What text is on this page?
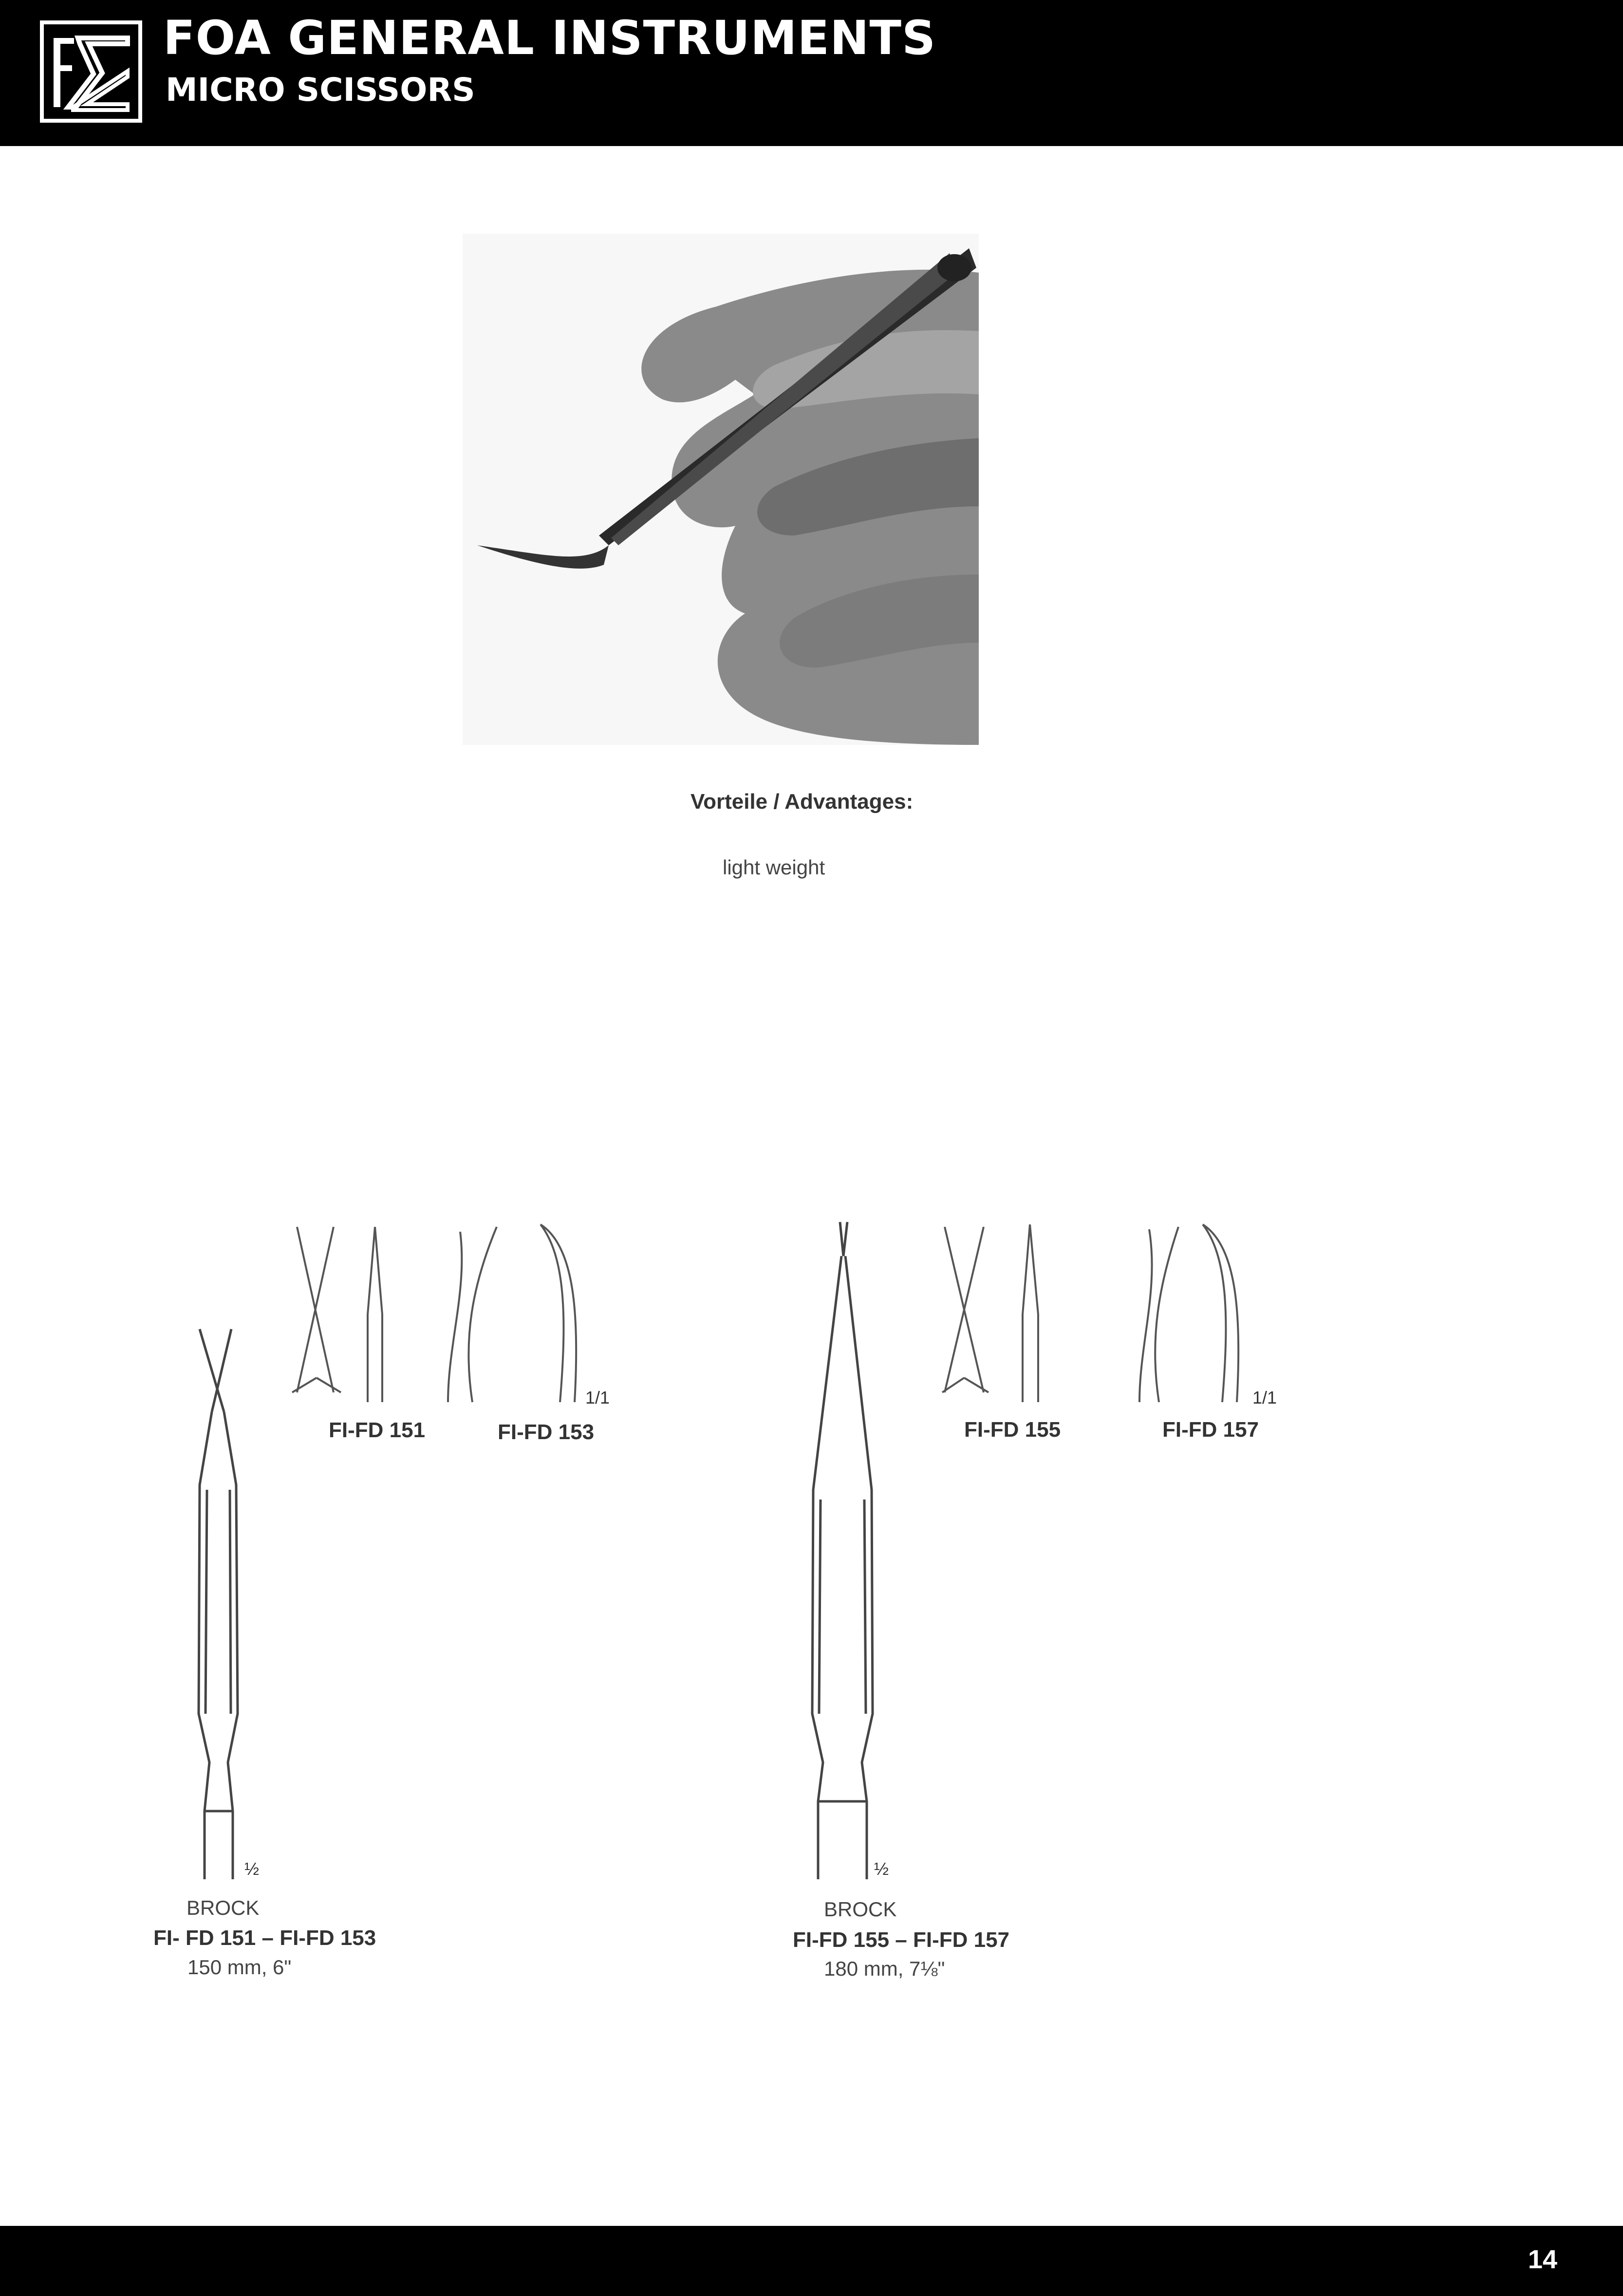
FOA GENERAL INSTRUMENTS
MICRO SCISSORS
Vorteile / Advantages:
light weight
1/1
FI-FD 151	FI-FD 153
½
BROCK
FI- FD 151 – FI-FD 153
150 mm, 6"
1/1
FI-FD 155	FI-FD 157
½
BROCK
FI-FD 155 – FI-FD 157
180 mm, 7⅛"
14
